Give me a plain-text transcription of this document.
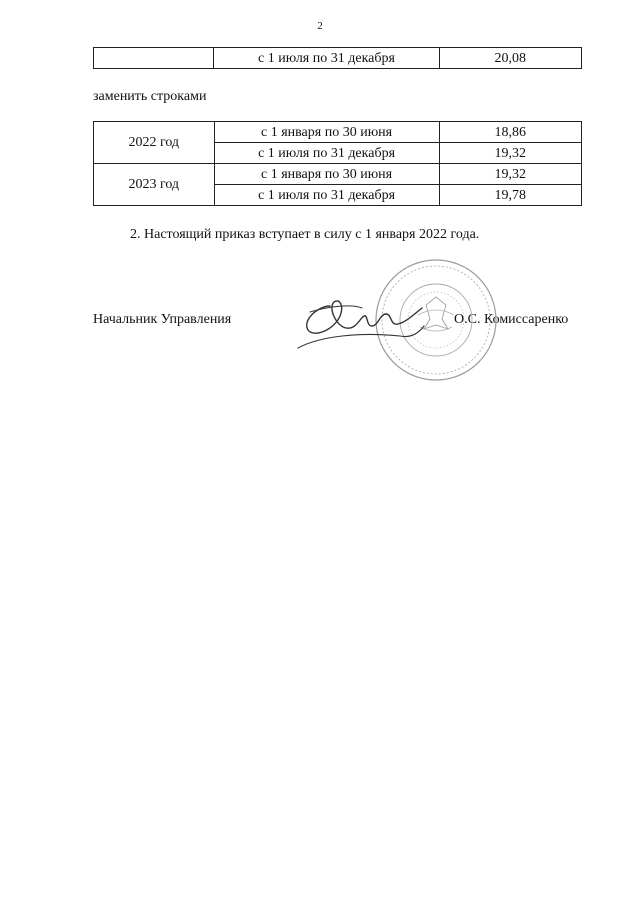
2
	с 1 июля по 31 декабря	20,08
заменить строками
2022 год	с 1 января по 30 июня	18,86
	с 1 июля по 31 декабря	19,32
2023 год	с 1 января по 30 июня	19,32
	с 1 июля по 31 декабря	19,78
2. Настоящий приказ вступает в силу с 1 января 2022 года.
Начальник Управления	О.С. Комиссаренко
